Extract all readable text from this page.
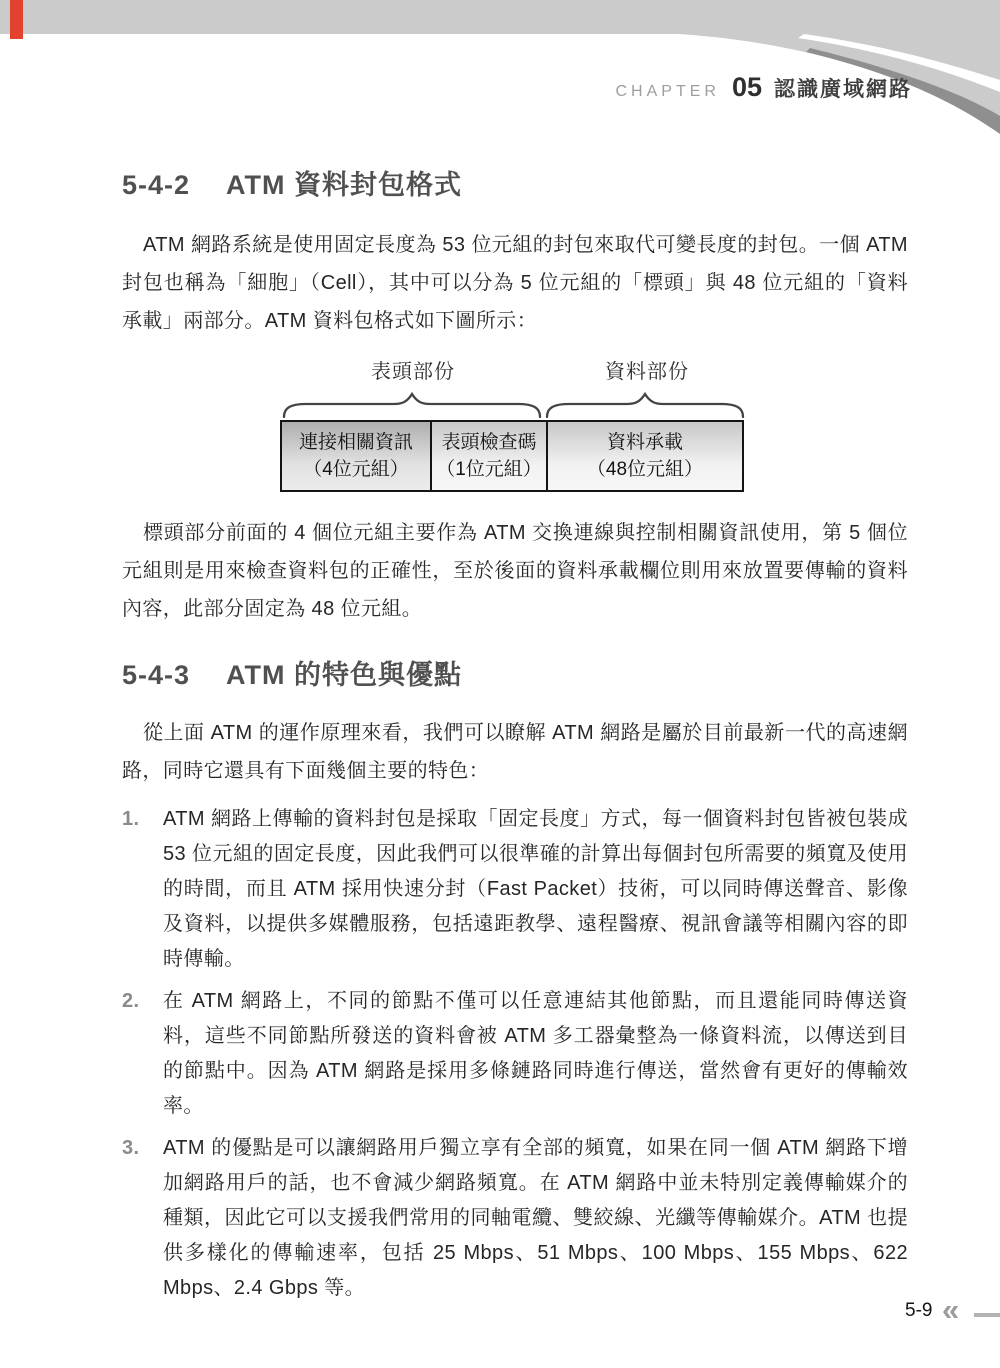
CHAPTER 05 認識廣域網路
5-4-2 ATM 資料封包格式

ATM 網路系統是使用固定長度為 53 位元組的封包來取代可變長度的封包。一個 ATM 封包也稱為「細胞」（Cell），其中可以分為 5 位元組的「標頭」與 48 位元組的「資料承載」兩部分。ATM 資料包格式如下圖所示：

表頭部份	資料部份
連接相關資訊
（4位元組）
表頭檢查碼
（1位元組）
資料承載
（48位元組）

標頭部分前面的 4 個位元組主要作為 ATM 交換連線與控制相關資訊使用，第 5 個位元組則是用來檢查資料包的正確性，至於後面的資料承載欄位則用來放置要傳輸的資料內容，此部分固定為 48 位元組。

5-4-3 ATM 的特色與優點

從上面 ATM 的運作原理來看，我們可以瞭解 ATM 網路是屬於目前最新一代的高速網路，同時它還具有下面幾個主要的特色：

1. ATM 網路上傳輸的資料封包是採取「固定長度」方式，每一個資料封包皆被包裝成 53 位元組的固定長度，因此我們可以很準確的計算出每個封包所需要的頻寬及使用的時間，而且 ATM 採用快速分封（Fast Packet）技術，可以同時傳送聲音、影像及資料，以提供多媒體服務，包括遠距教學、遠程醫療、視訊會議等相關內容的即時傳輸。
2. 在 ATM 網路上，不同的節點不僅可以任意連結其他節點，而且還能同時傳送資料，這些不同節點所發送的資料會被 ATM 多工器彙整為一條資料流，以傳送到目的節點中。因為 ATM 網路是採用多條鏈路同時進行傳送，當然會有更好的傳輸效率。
3. ATM 的優點是可以讓網路用戶獨立享有全部的頻寬，如果在同一個 ATM 網路下增加網路用戶的話，也不會減少網路頻寬。在 ATM 網路中並未特別定義傳輸媒介的種類，因此它可以支援我們常用的同軸電纜、雙絞線、光纖等傳輸媒介。ATM 也提供多樣化的傳輸速率，包括 25 Mbps、51 Mbps、100 Mbps、155 Mbps、622 Mbps、2.4 Gbps 等。
5-9 «
